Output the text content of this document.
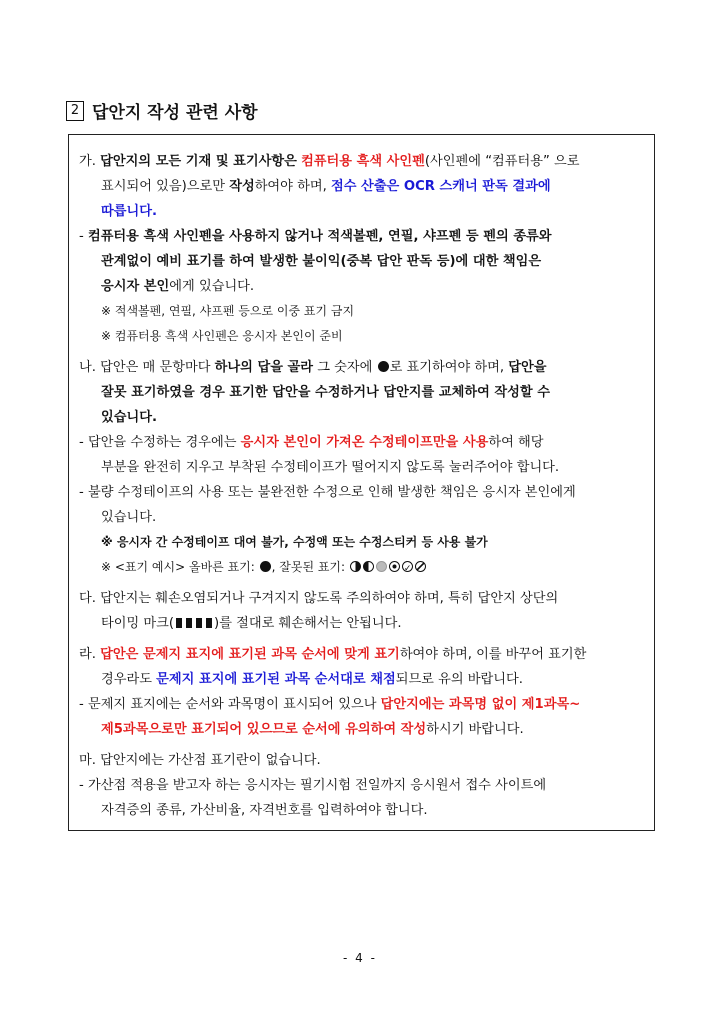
2 답안지 작성 관련 사항
가. 답안지의 모든 기재 및 표기사항은 컴퓨터용 흑색 사인펜(사인펜에 “컴퓨터용” 으로
표시되어 있음)으로만 작성하여야 하며, 점수 산출은 OCR 스캐너 판독 결과에
따릅니다.
- 컴퓨터용 흑색 사인펜을 사용하지 않거나 적색볼펜, 연필, 샤프펜 등 펜의 종류와
관계없이 예비 표기를 하여 발생한 불이익(중복 답안 판독 등)에 대한 책임은
응시자 본인에게 있습니다.
※ 적색볼펜, 연필, 샤프펜 등으로 이중 표기 금지
※ 컴퓨터용 흑색 사인펜은 응시자 본인이 준비
나. 답안은 매 문항마다 하나의 답을 골라 그 숫자에 로 표기하여야 하며, 답안을
잘못 표기하였을 경우 표기한 답안을 수정하거나 답안지를 교체하여 작성할 수
있습니다.
- 답안을 수정하는 경우에는 응시자 본인이 가져온 수정테이프만을 사용하여 해당
부분을 완전히 지우고 부착된 수정테이프가 떨어지지 않도록 눌러주어야 합니다.
- 불량 수정테이프의 사용 또는 불완전한 수정으로 인해 발생한 책임은 응시자 본인에게
있습니다.
※ 응시자 간 수정테이프 대여 불가, 수정액 또는 수정스티커 등 사용 불가
※ <표기 예시> 올바른 표기: , 잘못된 표기: ✓
다. 답안지는 훼손오염되거나 구겨지지 않도록 주의하여야 하며, 특히 답안지 상단의
타이밍 마크(	)를 절대로 훼손해서는 안됩니다.
라. 답안은 문제지 표지에 표기된 과목 순서에 맞게 표기하여야 하며, 이를 바꾸어 표기한
경우라도 문제지 표지에 표기된 과목 순서대로 채점되므로 유의 바랍니다.
- 문제지 표지에는 순서와 과목명이 표시되어 있으나 답안지에는 과목명 없이 제1과목~
제5과목으로만 표기되어 있으므로 순서에 유의하여 작성하시기 바랍니다.
마. 답안지에는 가산점 표기란이 없습니다.
- 가산점 적용을 받고자 하는 응시자는 필기시험 전일까지 응시원서 접수 사이트에
자격증의 종류, 가산비율, 자격번호를 입력하여야 합니다.
- 4 -
